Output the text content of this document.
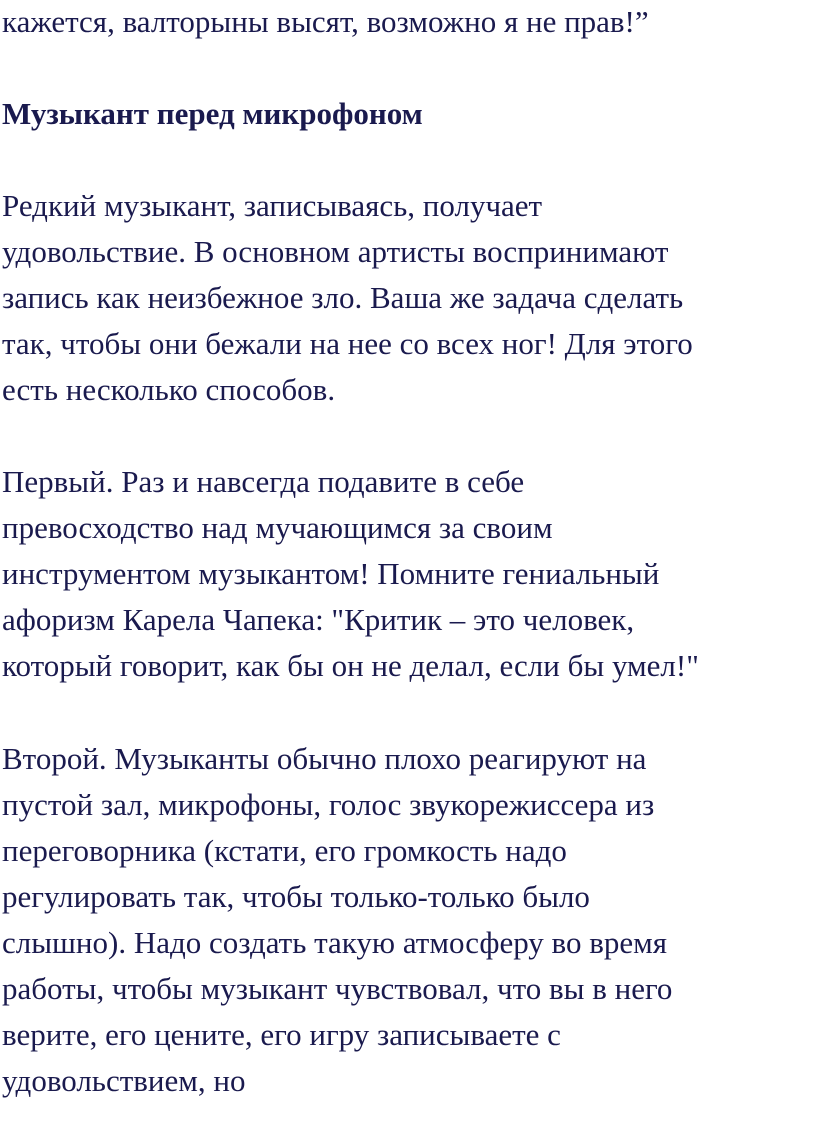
кажется, валторыны высят, возможно я не прав!”

Музыкант перед микрофоном

Редкий музыкант, записываясь, получает

удовольствие. В основном артисты воспринимают

запись как неизбежное зло. Ваша же задача сделать

так, чтобы они бежали на нее со всех ног! Для этого

есть несколько способов.

Первый. Раз и навсегда подавите в себе

превосходство над мучающимся за своим

инструментом музыкантом! Помните гениальный

афоризм Карела Чапека: "Критик – это человек,

который говорит, как бы он не делал, если бы умел!"

Второй. Музыканты обычно плохо реагируют на

пустой зал, микрофоны, голос звукорежиссера из

переговорника (кстати, его громкость надо

регулировать так, чтобы только-только было

слышно). Надо создать такую атмосферу во время

работы, чтобы музыкант чувствовал, что вы в него

верите, его цените, его игру записываете с

удовольствием, но
